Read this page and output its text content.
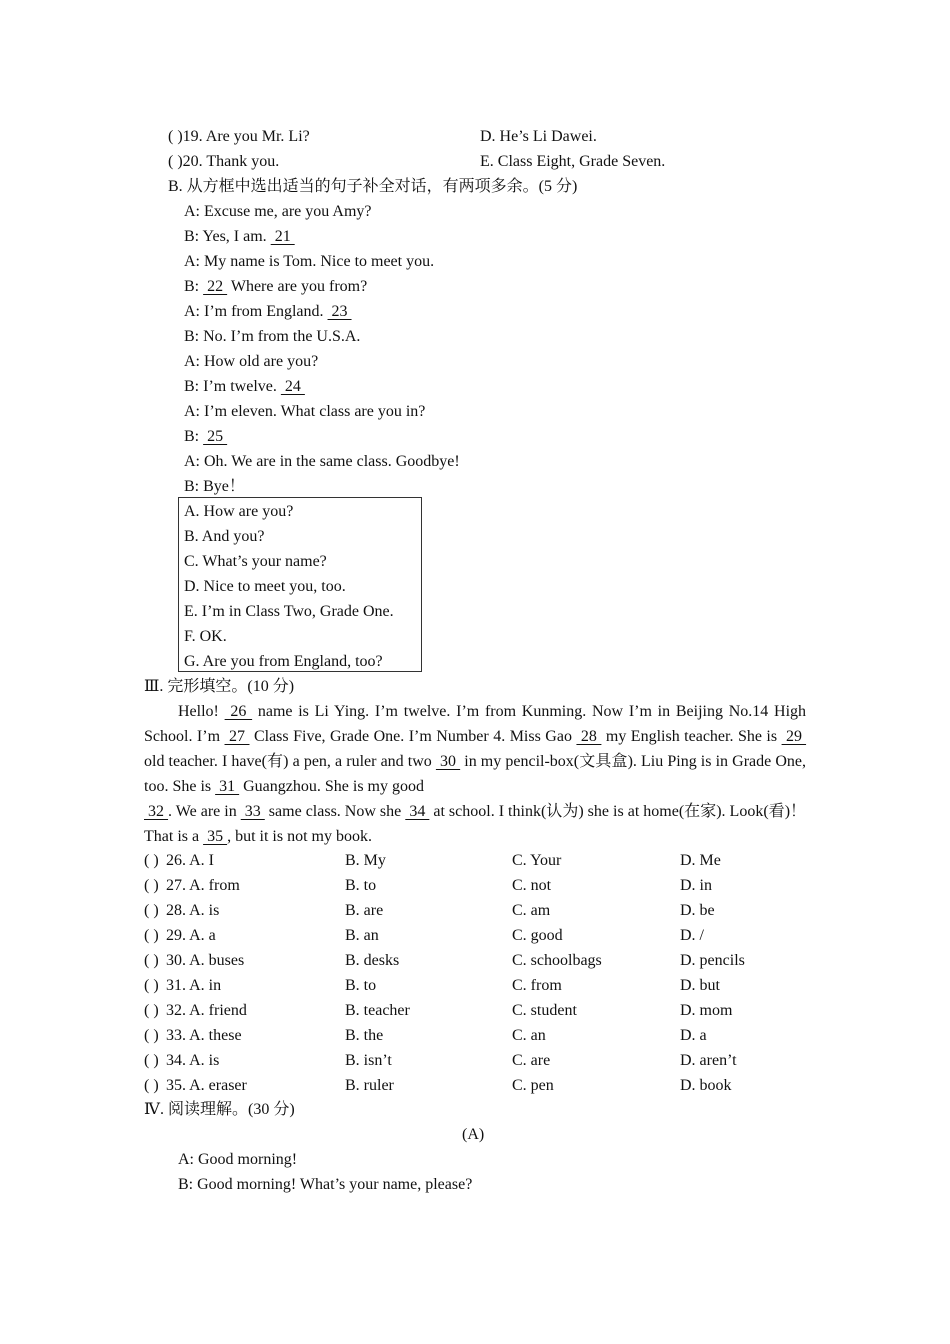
( )19. Are you Mr. Li?	D. He’s Li Dawei.
( )20. Thank you.	E. Class Eight, Grade Seven.
B. 从方框中选出适当的句子补全对话，有两项多余。(5 分)
A: Excuse me, are you Amy?
B: Yes, I am.  21
A: My name is Tom. Nice to meet you.
B:  22  Where are you from?
A: I’m from England.  23
B: No. I’m from the U.S.A.
A: How old are you?
B: I’m twelve.  24
A: I’m eleven. What class are you in?
B:  25
A: Oh. We are in the same class. Goodbye!
B: Bye！
A. How are you?
B. And you?
C. What’s your name?
D. Nice to meet you, too.
E. I’m in Class Two, Grade One.
F. OK.
G. Are you from England, too?
Ⅲ. 完形填空。(10 分)
Hello!  26  name is Li Ying. I’m twelve. I’m from Kunming. Now I’m in Beijing No.14 High School. I’m  27  Class Five, Grade One. I’m Number 4. Miss Gao  28  my English teacher. She is  29  old teacher. I have(有) a pen, a ruler and two  30  in my pencil-box(文具盒). Liu Ping is in Grade One, too. She is  31  Guangzhou. She is my good
32 . We are in  33  same class. Now she  34  at school. I think(认为) she is at home(在家). Look(看)！That is a  35 , but it is not my book.
( ) 26. A. I	B. My	C. Your	D. Me
( ) 27. A. from	B. to	C. not	D. in
( ) 28. A. is	B. are	C. am	D. be
( ) 29. A. a	B. an	C. good	D. /
( ) 30. A. buses	B. desks	C. schoolbags	D. pencils
( ) 31. A. in	B. to	C. from	D. but
( ) 32. A. friend	B. teacher	C. student	D. mom
( ) 33. A. these	B. the	C. an	D. a
( ) 34. A. is	B. isn’t	C. are	D. aren’t
( ) 35. A. eraser	B. ruler	C. pen	D. book
Ⅳ. 阅读理解。(30 分)
(A)
A: Good morning!
B: Good morning! What’s your name, please?
